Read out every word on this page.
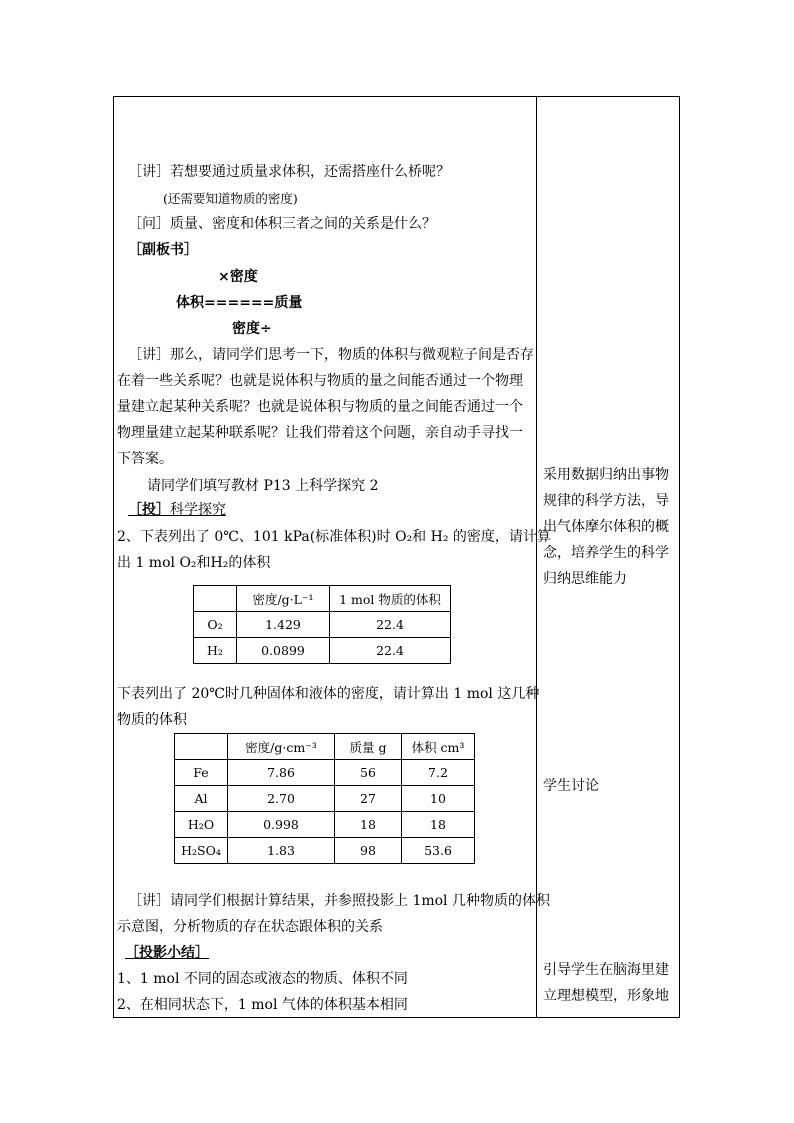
［讲］若想要通过质量求体积，还需搭座什么桥呢？
(还需要知道物质的密度)
［问］质量、密度和体积三者之间的关系是什么？
［副板书］
×密度
体积======质量
密度÷
［讲］那么，请同学们思考一下，物质的体积与微观粒子间是否存
在着一些关系呢？也就是说体积与物质的量之间能否通过一个物理
量建立起某种关系呢？也就是说体积与物质的量之间能否通过一个
物理量建立起某种联系呢？让我们带着这个问题，亲自动手寻找一
下答案。
请同学们填写教材 P13 上科学探究 2
［投］科学探究
2、下表列出了 0℃、101 kPa(标准体积)时 O₂和 H₂ 的密度，请计算
出 1 mol O₂和H₂的体积
	密度/g·L⁻¹	1 mol 物质的体积
O₂	1.429	22.4
H₂	0.0899	22.4
下表列出了 20℃时几种固体和液体的密度，请计算出 1 mol 这几种
物质的体积
	密度/g·cm⁻³	质量 g	体积 cm³
Fe	7.86	56	7.2
Al	2.70	27	10
H₂O	0.998	18	18
H₂SO₄	1.83	98	53.6
［讲］请同学们根据计算结果，并参照投影上 1mol 几种物质的体积
示意图，分析物质的存在状态跟体积的关系
［投影小结］
1、1 mol 不同的固态或液态的物质、体积不同
2、在相同状态下，1 mol 气体的体积基本相同
采用数据归纳出事物
规律的科学方法，导
出气体摩尔体积的概
念，培养学生的科学
归纳思维能力
学生讨论
引导学生在脑海里建
立理想模型，形象地
